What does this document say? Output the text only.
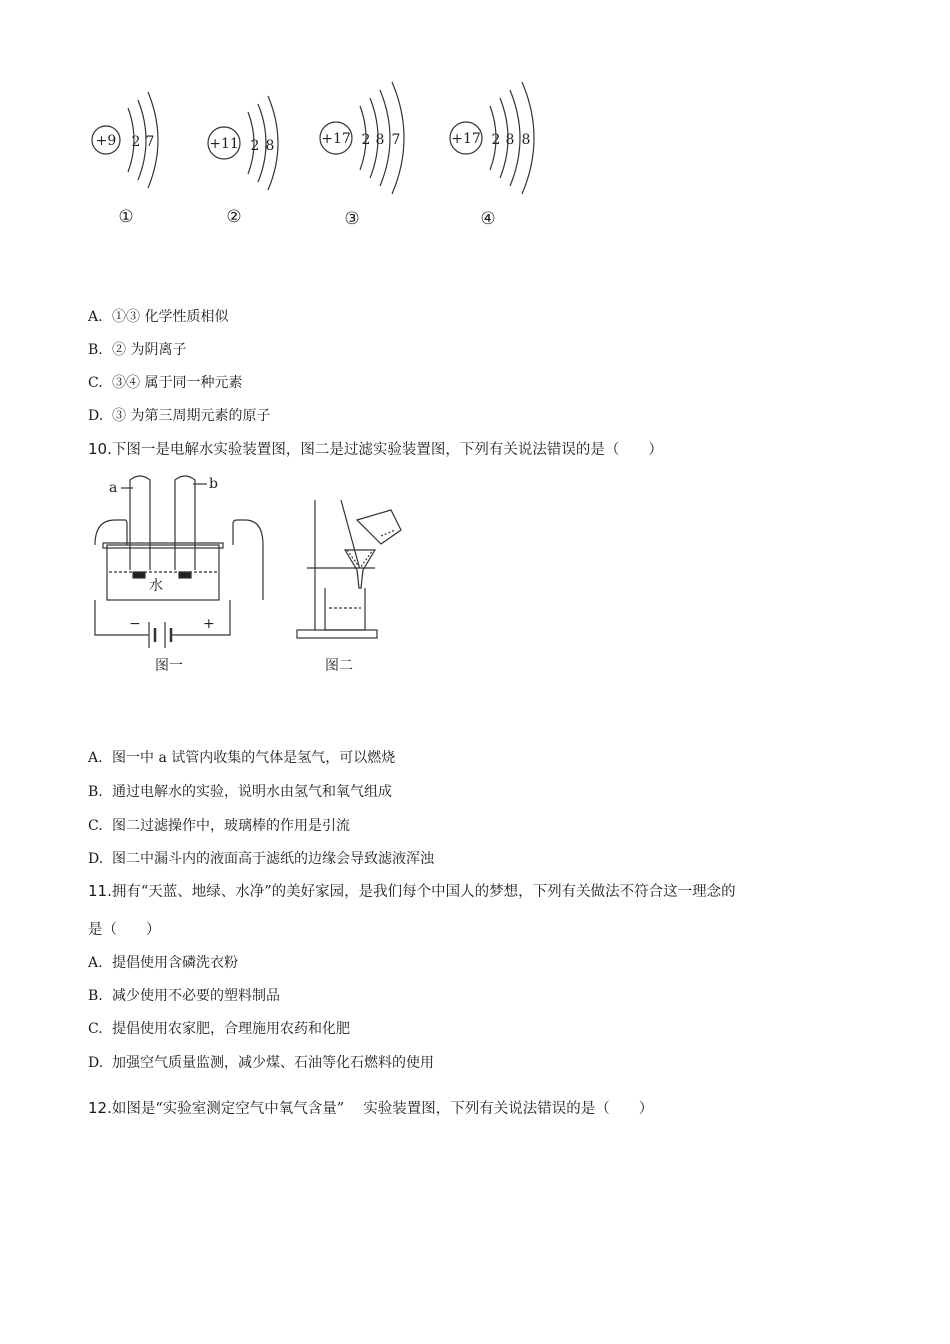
+9 2 7	+11 2 8	+17 2 8 7	+17 2 8 8
①	②	③	④
A. ①③ 化学性质相似
B. ② 为阴离子
C. ③④ 属于同一种元素
D. ③ 为第三周期元素的原子
10.下图一是电解水实验装置图，图二是过滤实验装置图，下列有关说法错误的是（　　）
a	b
水
−	+
图一	图二
A. 图一中 a 试管内收集的气体是氢气，可以燃烧
B. 通过电解水的实验，说明水由氢气和氧气组成
C. 图二过滤操作中，玻璃棒的作用是引流
D. 图二中漏斗内的液面高于滤纸的边缘会导致滤液浑浊
11.拥有“天蓝、地绿、水净”的美好家园，是我们每个中国人的梦想，下列有关做法不符合这一理念的
是（　　）
A. 提倡使用含磷洗衣粉
B. 减少使用不必要的塑料制品
C. 提倡使用农家肥，合理施用农药和化肥
D. 加强空气质量监测，减少煤、石油等化石燃料的使用
12.如图是“实验室测定空气中氧气含量”　 实验装置图，下列有关说法错误的是（　　）
